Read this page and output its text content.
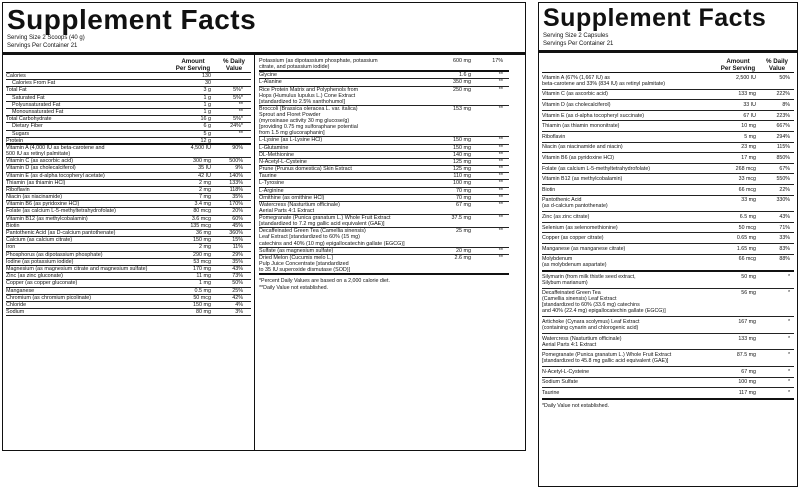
Supplement Facts
Serving Size 2 Scoops (40 g)
Servings Per Container 21
Amount
Per Serving
% Daily
Value
Calories	130
Calories From Fat	30
Total Fat	3 g	5%*
Saturated Fat	1 g	5%*
Polyunsaturated Fat	1 g	**
Monounsaturated Fat	1 g	**
Total Carbohydrate	16 g	5%*
Dietary Fiber	6 g	24%*
Sugars	5 g	**
Protein	12 g
Vitamin A (4,000 IU as beta-carotene and
500 IU as retinyl palmitate)
4,500 IU	90%
Vitamin C (as ascorbic acid)	300 mg	500%
Vitamin D (as cholecalciferol)	35 IU	9%
Vitamin E (as d-alpha tocopheryl acetate)	42 IU	140%
Thiamin (as thiamin HCl)	2 mg	133%
Riboflavin	2 mg	118%
Niacin (as niacinamide)	7 mg	35%
Vitamin B6 (as pyridoxine HCl)	3.4 mg	170%
Folate (as calcium L-5-methyltetrahydrofolate)	80 mcg	20%
Vitamin B12 (as methylcobalamin)	3.6 mcg	60%
Biotin	135 mcg	45%
Pantothenic Acid (as D-calcium pantothenate)	36 mg	360%
Calcium (as calcium citrate)	150 mg	15%
Iron	2 mg	11%
Phosphorus (as dipotassium phosphate)	290 mg	29%
Iodine (as potassium iodide)	53 mcg	35%
Magnesium (as magnesium citrate and magnesium sulfate)	170 mg	43%
Zinc (as zinc gluconate)	11 mg	73%
Copper (as copper gluconate)	1 mg	50%
Manganese	0.5 mg	25%
Chromium (as chromium picolinate)	50 mcg	42%
Chloride	150 mg	4%
Sodium	80 mg	3%
Potassium (as dipotassium phosphate, potassium
citrate, and potassium iodide)
600 mg	17%
Glycine	1.6 g	**
L-Alanine	350 mg	**
Rice Protein Matrix and Polyphenols from
Hops (Humulus lupulus L.) Cone Extract
[standardized to 2.5% xanthohumol]
250 mg	**
Broccoli (Brassica oleracea L. var. italica)
Sprout and Floret Powder
(myrosinase activity 30 mg glucose/g)
[providing 0.75 mg sulforaphane potential
from 1.5 mg glucoraphanin]
153 mg	**
L-Lysine (as L-Lysine HCl)	150 mg	**
L-Glutamine	150 mg	**
DL-Methionine	140 mg	**
N-Acetyl-L-Cysteine	125 mg	**
Prune (Prunus domestica) Skin Extract	125 mg	**
Taurine	110 mg	**
L-Tyrosine	100 mg	**
L-Arginine	70 mg	**
Ornithine (as ornithine HCl)	70 mg	**
Watercress (Nasturtium officinale)
Aerial Parts 4:1 Extract
67 mg	**
Pomegranate (Punica granatum L.) Whole Fruit Extract
[standardized to 7.2 mg gallic acid equivalent (GAE)]
37.5 mg	**
Decaffeinated Green Tea (Camellia sinensis)
Leaf Extract [standardized to 60% (15 mg)
catechins and 40% (10 mg) epigallocatechin gallate (EGCG)]
25 mg	**
Sulfate (as magnesium sulfate)	20 mg	**
Dried Melon (Cucumis melo L.)
Pulp Juice Concentrate [standardized
to 35 IU superoxide dismutase (SOD)]
2.6 mg	**
*Percent Daily Values are based on a 2,000 calorie diet.
**Daily Value not established.
Supplement Facts
Serving Size 2 Capsules
Servings Per Container 21
Amount
Per Serving
% Daily
Value
Vitamin A (67% (1,667 IU) as
beta-carotene and 33% (834 IU) as retinyl palmitate)
2,500 IU	50%
Vitamin C (as ascorbic acid)	133 mg	222%
Vitamin D (as cholecalciferol)	33 IU	8%
Vitamin E (as d-alpha tocopheryl succinate)	67 IU	223%
Thiamin (as thiamin mononitrate)	10 mg	667%
Riboflavin	5 mg	294%
Niacin (as niacinamide and niacin)	23 mg	115%
Vitamin B6 (as pyridoxine HCl)	17 mg	850%
Folate (as calcium L-5-methyltetrahydrofolate)	268 mcg	67%
Vitamin B12 (as methylcobalamin)	33 mcg	550%
Biotin	66 mcg	22%
Pantothenic Acid
(as d-calcium pantothenate)
33 mg	330%
Zinc (as zinc citrate)	6.5 mg	43%
Selenium (as selenomethionine)	50 mcg	71%
Copper (as copper citrate)	0.65 mg	33%
Manganese (as manganese citrate)	1.65 mg	83%
Molybdenum
(as molybdenum aspartate)
66 mcg	88%
Silymarin (from milk thistle seed extract,
Silybum marianum)
50 mg	*
Decaffeinated Green Tea
(Camellia sinensis) Leaf Extract
[standardized to 60% (33.6 mg) catechins
and 40% (22.4 mg) epigallocatechin gallate (EGCG)]
56 mg	*
Artichoke (Cynara scolymus) Leaf Extract
(containing cynarin and chlorogenic acid)
167 mg	*
Watercress (Nasturtium officinale)
Aerial Parts 4:1 Extract
133 mg	*
Pomegranate (Punica granatum L.) Whole Fruit Extract
[standardized to 45.8 mg gallic acid equivalent (GAE)]
87.5 mg	*
N-Acetyl-L-Cysteine	67 mg	*
Sodium Sulfate	100 mg	*
Taurine	117 mg	*
*Daily Value not established.
